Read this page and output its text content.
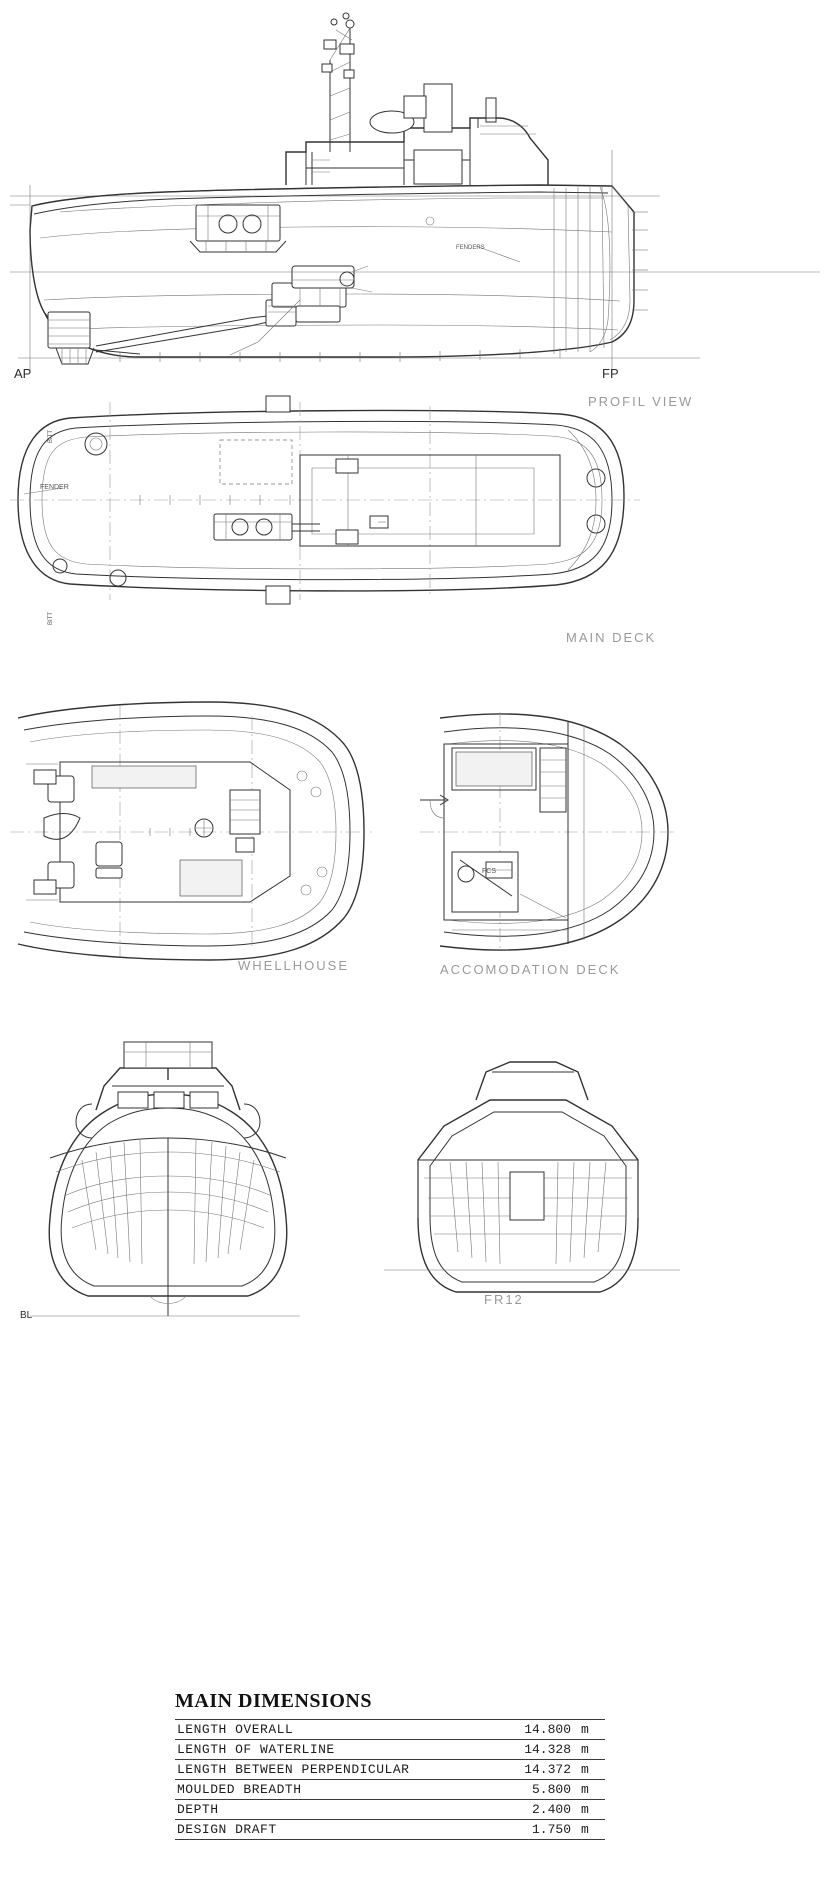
AP	FP
BL
FENDERS
FENDER
BITT
BITT
FCS
PROFIL VIEW
MAIN DECK
WHELLHOUSE	ACCOMODATION DECK
FR12
MAIN DIMENSIONS
LENGTH OVERALL	14.800	m
LENGTH OF WATERLINE	14.328	m
LENGTH BETWEEN PERPENDICULAR	14.372	m
MOULDED BREADTH	5.800	m
DEPTH	2.400	m
DESIGN DRAFT	1.750	m
